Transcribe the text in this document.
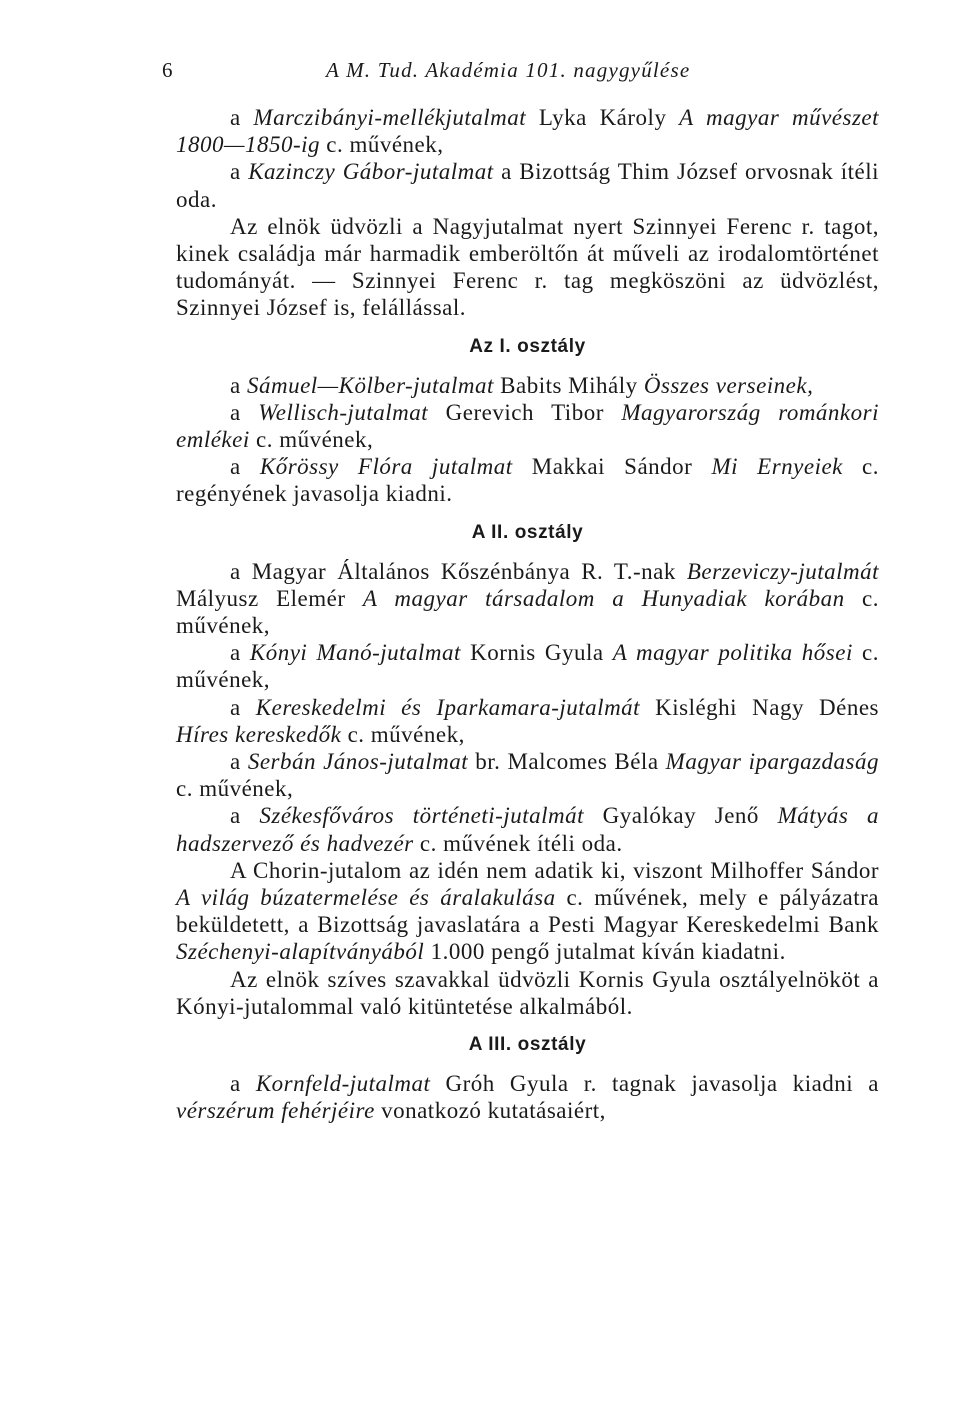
6	A M. Tud. Akadémia 101. nagygyűlése

a Marczibányi-mellékjutalmat Lyka Károly A magyar művészet 1800—1850-ig c. művének,

a Kazinczy Gábor-jutalmat a Bizottság Thim József orvosnak ítéli oda.

Az elnök üdvözli a Nagyjutalmat nyert Szinnyei Ferenc r. tagot, kinek családja már harmadik emberöltőn át műveli az irodalomtörténet tudományát. — Szinnyei Ferenc r. tag megköszöni az üdvözlést, Szinnyei József is, felállással.

Az I. osztály

a Sámuel—Kölber-jutalmat Babits Mihály Összes verseinek,

a Wellisch-jutalmat Gerevich Tibor Magyarország románkori emlékei c. művének,

a Kőrössy Flóra jutalmat Makkai Sándor Mi Ernyeiek c. regényének javasolja kiadni.

A II. osztály

a Magyar Általános Kőszénbánya R. T.-nak Berzeviczy-jutalmát Mályusz Elemér A magyar társadalom a Hunyadiak korában c. művének,

a Kónyi Manó-jutalmat Kornis Gyula A magyar politika hősei c. művének,

a Kereskedelmi és Iparkamara-jutalmát Kisléghi Nagy Dénes Híres kereskedők c. művének,

a Serbán János-jutalmat br. Malcomes Béla Magyar ipargazdaság c. művének,

a Székesfőváros történeti-jutalmát Gyalókay Jenő Mátyás a hadszervező és hadvezér c. művének ítéli oda.

A Chorin-jutalom az idén nem adatik ki, viszont Milhoffer Sándor A világ búzatermelése és áralakulása c. művének, mely e pályázatra beküldetett, a Bizottság javaslatára a Pesti Magyar Kereskedelmi Bank Széchenyi-alapítványából 1.000 pengő jutalmat kíván kiadatni.

Az elnök szíves szavakkal üdvözli Kornis Gyula osztályelnököt a Kónyi-jutalommal való kitüntetése alkalmából.

A III. osztály

a Kornfeld-jutalmat Gróh Gyula r. tagnak javasolja kiadni a vérszérum fehérjéire vonatkozó kutatásaiért,
